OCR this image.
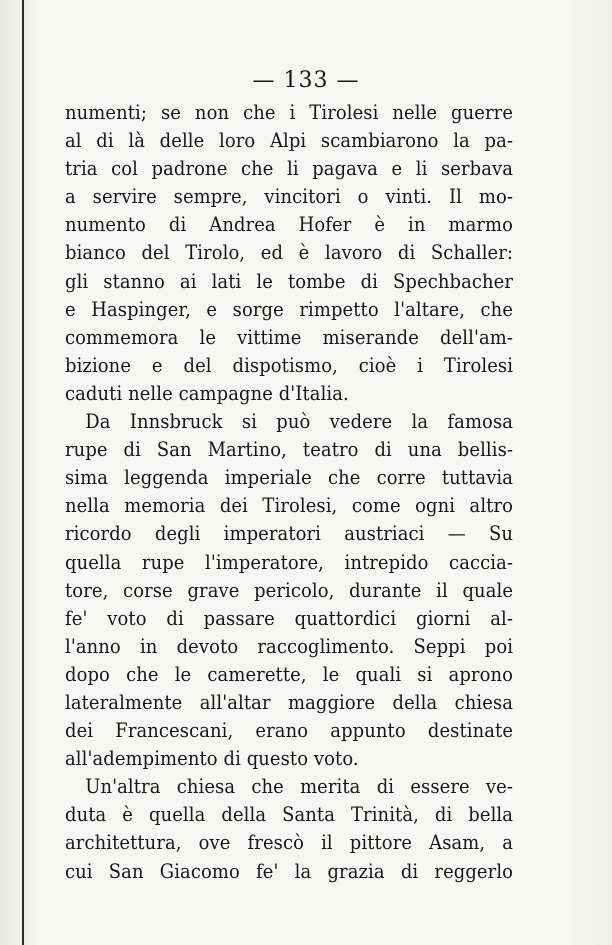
— 133 —
numenti; se non che i Tirolesi nelle guerre
al di là delle loro Alpi scambiarono la pa-
tria col padrone che li pagava e li serbava
a servire sempre, vincitori o vinti. Il mo-
numento di Andrea Hofer è in marmo
bianco del Tirolo, ed è lavoro di Schaller:
gli stanno ai lati le tombe di Spechbacher
e Haspinger, e sorge rimpetto l'altare, che
commemora le vittime miserande dell'am-
bizione e del dispotismo, cioè i Tirolesi
caduti nelle campagne d'Italia.
Da Innsbruck si può vedere la famosa
rupe di San Martino, teatro di una bellis-
sima leggenda imperiale che corre tuttavia
nella memoria dei Tirolesi, come ogni altro
ricordo degli imperatori austriaci — Su
quella rupe l'imperatore, intrepido caccia-
tore, corse grave pericolo, durante il quale
fe' voto di passare quattordici giorni al-
l'anno in devoto raccoglimento. Seppi poi
dopo che le camerette, le quali si aprono
lateralmente all'altar maggiore della chiesa
dei Francescani, erano appunto destinate
all'adempimento di questo voto.
Un'altra chiesa che merita di essere ve-
duta è quella della Santa Trinità, di bella
architettura, ove frescò il pittore Asam, a
cui San Giacomo fe' la grazia di reggerlo
